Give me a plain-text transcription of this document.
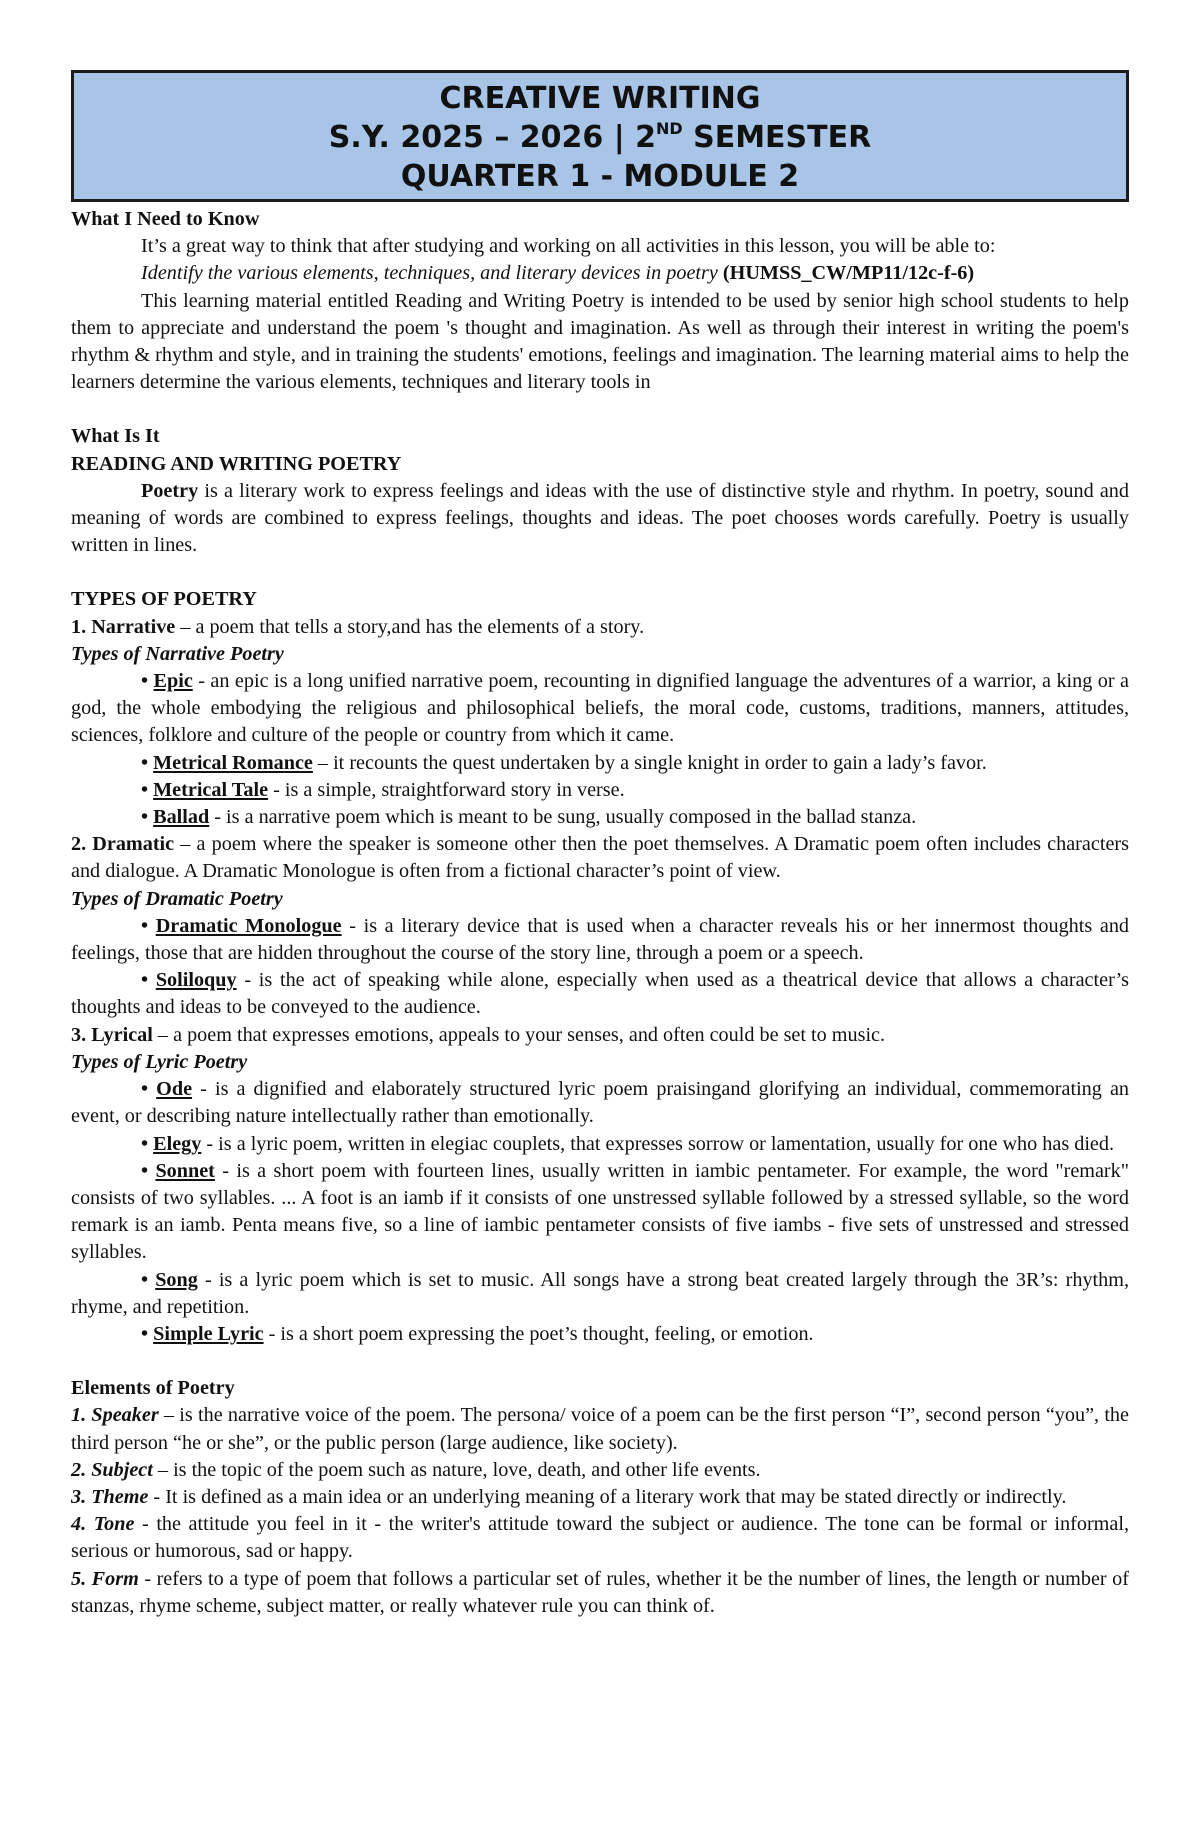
CREATIVE WRITING
S.Y. 2025 – 2026 | 2ND SEMESTER
QUARTER 1 - MODULE 2

What I Need to Know

It’s a great way to think that after studying and working on all activities in this lesson, you will be able to:

Identify the various elements, techniques, and literary devices in poetry (HUMSS_CW/MP11/12c-f-6)

This learning material entitled Reading and Writing Poetry is intended to be used by senior high school students to help them to appreciate and understand the poem 's thought and imagination. As well as through their interest in writing the poem's rhythm & rhythm and style, and in training the students' emotions, feelings and imagination. The learning material aims to help the learners determine the various elements, techniques and literary tools in

What Is It

READING AND WRITING POETRY

Poetry is a literary work to express feelings and ideas with the use of distinctive style and rhythm. In poetry, sound and meaning of words are combined to express feelings, thoughts and ideas. The poet chooses words carefully. Poetry is usually written in lines.

TYPES OF POETRY

1. Narrative – a poem that tells a story,and has the elements of a story.

Types of Narrative Poetry

• Epic - an epic is a long unified narrative poem, recounting in dignified language the adventures of a warrior, a king or a god, the whole embodying the religious and philosophical beliefs, the moral code, customs, traditions, manners, attitudes, sciences, folklore and culture of the people or country from which it came.

• Metrical Romance – it recounts the quest undertaken by a single knight in order to gain a lady’s favor.

• Metrical Tale - is a simple, straightforward story in verse.

• Ballad - is a narrative poem which is meant to be sung, usually composed in the ballad stanza.

2. Dramatic – a poem where the speaker is someone other then the poet themselves. A Dramatic poem often includes characters and dialogue. A Dramatic Monologue is often from a fictional character’s point of view.

Types of Dramatic Poetry

• Dramatic Monologue - is a literary device that is used when a character reveals his or her innermost thoughts and feelings, those that are hidden throughout the course of the story line, through a poem or a speech.

• Soliloquy - is the act of speaking while alone, especially when used as a theatrical device that allows a character’s thoughts and ideas to be conveyed to the audience.

3. Lyrical – a poem that expresses emotions, appeals to your senses, and often could be set to music.

Types of Lyric Poetry

• Ode - is a dignified and elaborately structured lyric poem praisingand glorifying an individual, commemorating an event, or describing nature intellectually rather than emotionally.

• Elegy - is a lyric poem, written in elegiac couplets, that expresses sorrow or lamentation, usually for one who has died.

• Sonnet - is a short poem with fourteen lines, usually written in iambic pentameter. For example, the word "remark" consists of two syllables. ... A foot is an iamb if it consists of one unstressed syllable followed by a stressed syllable, so the word remark is an iamb. Penta means five, so a line of iambic pentameter consists of five iambs - five sets of unstressed and stressed syllables.

• Song - is a lyric poem which is set to music. All songs have a strong beat created largely through the 3R’s: rhythm, rhyme, and repetition.

• Simple Lyric - is a short poem expressing the poet’s thought, feeling, or emotion.

Elements of Poetry

1. Speaker – is the narrative voice of the poem. The persona/ voice of a poem can be the first person “I”, second person “you”, the third person “he or she”, or the public person (large audience, like society).

2. Subject – is the topic of the poem such as nature, love, death, and other life events.

3. Theme - It is defined as a main idea or an underlying meaning of a literary work that may be stated directly or indirectly.

4. Tone - the attitude you feel in it - the writer's attitude toward the subject or audience. The tone can be formal or informal, serious or humorous, sad or happy.

5. Form - refers to a type of poem that follows a particular set of rules, whether it be the number of lines, the length or number of stanzas, rhyme scheme, subject matter, or really whatever rule you can think of.
